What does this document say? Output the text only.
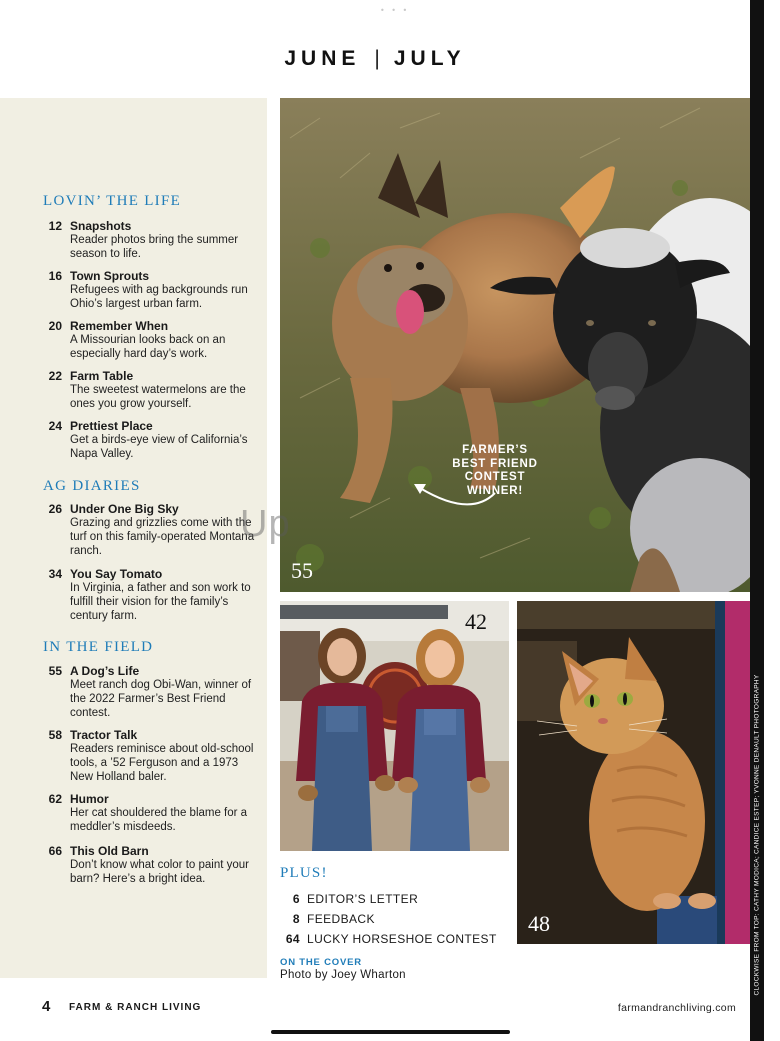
• • •
JUNE | JULY
CLOCKWISE FROM TOP: CATHY MODICA; CANDICE ESTEP; YVONNE DENAULT PHOTOGRAPHY
LOVIN’ THE LIFE
12 Snapshots
Reader photos bring the summer season to life.
16 Town Sprouts
Refugees with ag backgrounds run Ohio’s largest urban farm.
20 Remember When
A Missourian looks back on an especially hard day’s work.
22 Farm Table
The sweetest watermelons are the ones you grow yourself.
24 Prettiest Place
Get a birds-eye view of California’s Napa Valley.
AG DIARIES
26 Under One Big Sky
Grazing and grizzlies come with the turf on this family-operated Montana ranch.
34 You Say Tomato
In Virginia, a father and son work to fulfill their vision for the family’s century farm.
IN THE FIELD
55 A Dog’s Life
Meet ranch dog Obi-Wan, winner of the 2022 Farmer’s Best Friend contest.
58 Tractor Talk
Readers reminisce about old-school tools, a ’52 Ferguson and a 1973 New Holland baler.
62 Humor
Her cat shouldered the blame for a meddler’s misdeeds.
66 This Old Barn
Don’t know what color to paint your barn? Here’s a bright idea.
55
FARMER’S BEST FRIEND CONTEST WINNER!
42
48
Up
PLUS!
6 EDITOR’S LETTER
8 FEEDBACK
64 LUCKY HORSESHOE CONTEST
ON THE COVER
Photo by Joey Wharton
4 FARM & RANCH LIVING	farmandranchliving.com
